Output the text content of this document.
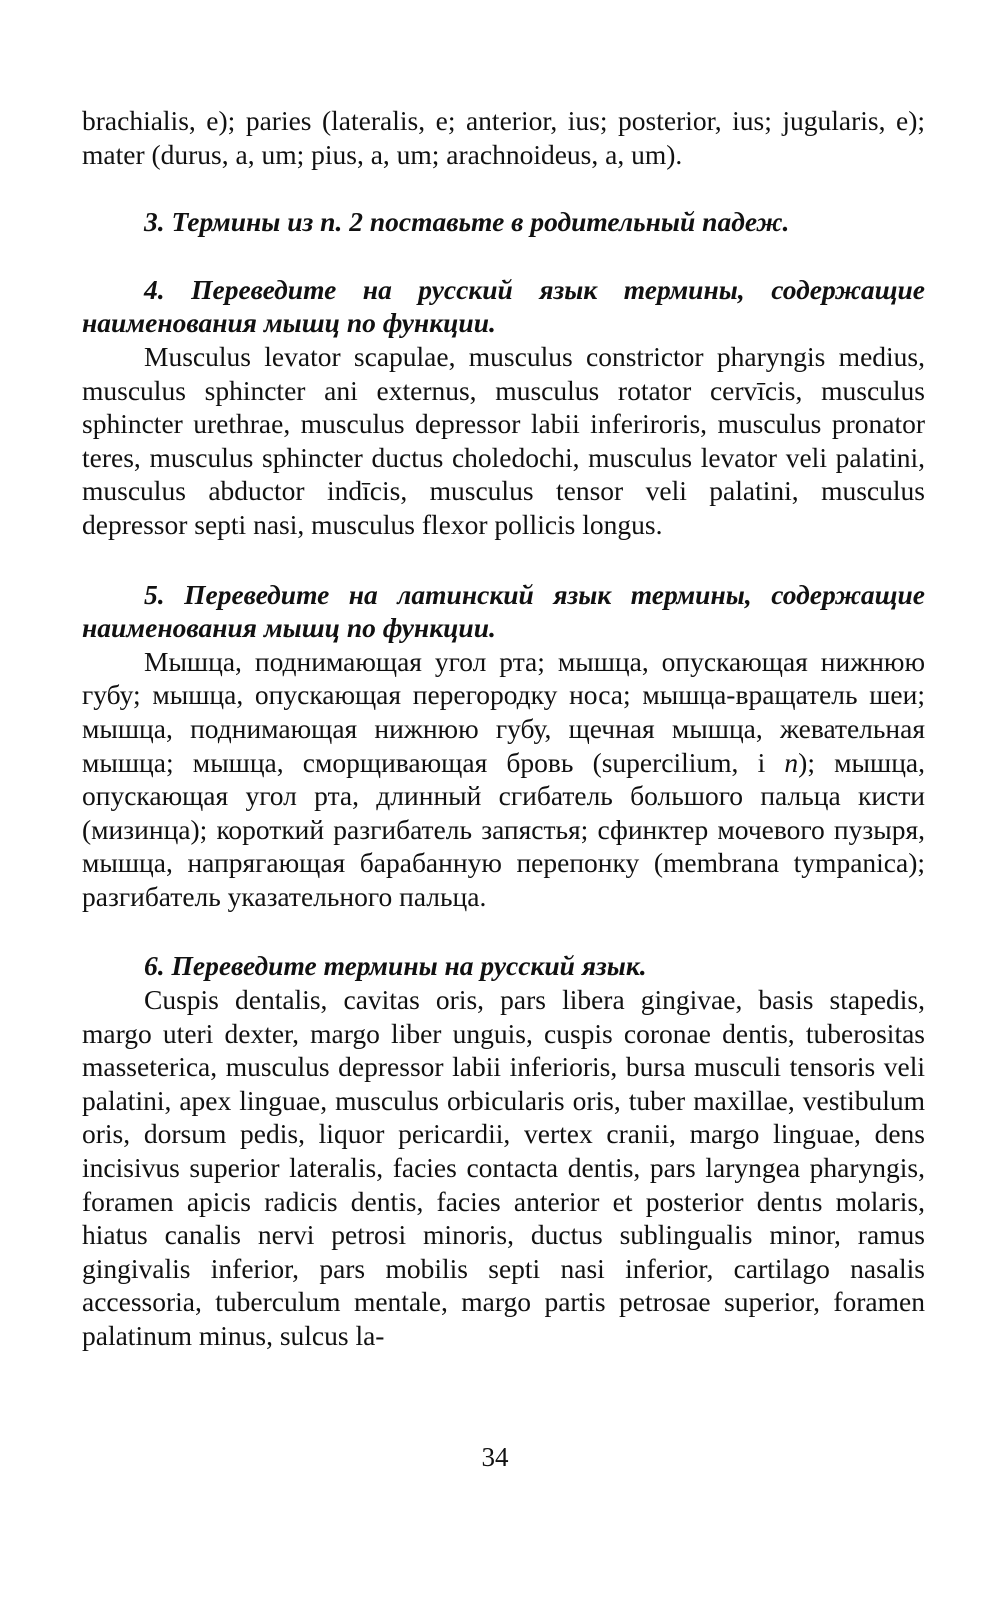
brachialis, e); paries (lateralis, e; anterior, ius; posterior, ius; jugularis, e); mater (durus, a, um; pius, a, um; arachnoideus, a, um).

3. Термины из п. 2 поставьте в родительный падеж.

4. Переведите на русский язык термины, содержащие наименования мышц по функции.

Musculus levator scapulae, musculus constrictor pharyngis medius, musculus sphincter ani externus, musculus rotator cervīcis, musculus sphincter urethrae, musculus depressor labii inferiroris, musculus pronator teres, musculus sphincter ductus choledochi, musculus levator veli palatini, musculus abductor indīcis, musculus tensor veli palatini, musculus depressor septi nasi, musculus flexor pollicis longus.

5. Переведите на латинский язык термины, содержащие наименования мышц по функции.

Мышца, поднимающая угол рта; мышца, опускающая нижнюю губу; мышца, опускающая перегородку носа; мышца-вращатель шеи; мышца, поднимающая нижнюю губу, щечная мышца, жевательная мышца; мышца, сморщивающая бровь (supercilium, i n); мышца, опускающая угол рта, длинный сгибатель большого пальца кисти (мизинца); короткий разгибатель запястья; сфинктер мочевого пузыря, мышца, напрягающая барабанную перепонку (membrana tympanica); разгибатель указательного пальца.

6. Переведите термины на русский язык.

Cuspis dentalis, cavitas oris, pars libera gingivae, basis stapedis, margo uteri dexter, margo liber unguis, cuspis coronae dentis, tuberositas masseterica, musculus depressor labii inferioris, bursa musculi tensoris veli palatini, apex linguae, musculus orbicularis oris, tuber maxillae, vestibulum oris, dorsum pedis, liquor pericardii, vertex cranii, margo linguae, dens incisivus superior lateralis, facies contacta dentis, pars laryngea pharyngis, foramen apicis radicis dentis, facies anterior et posterior dentıs molaris, hiatus canalis nervi petrosi minoris, ductus sublingualis minor, ramus gingivalis inferior, pars mobilis septi nasi inferior, cartilago nasalis accessoria, tuberculum mentale, margo partis petrosae superior, foramen palatinum minus, sulcus la-

34
